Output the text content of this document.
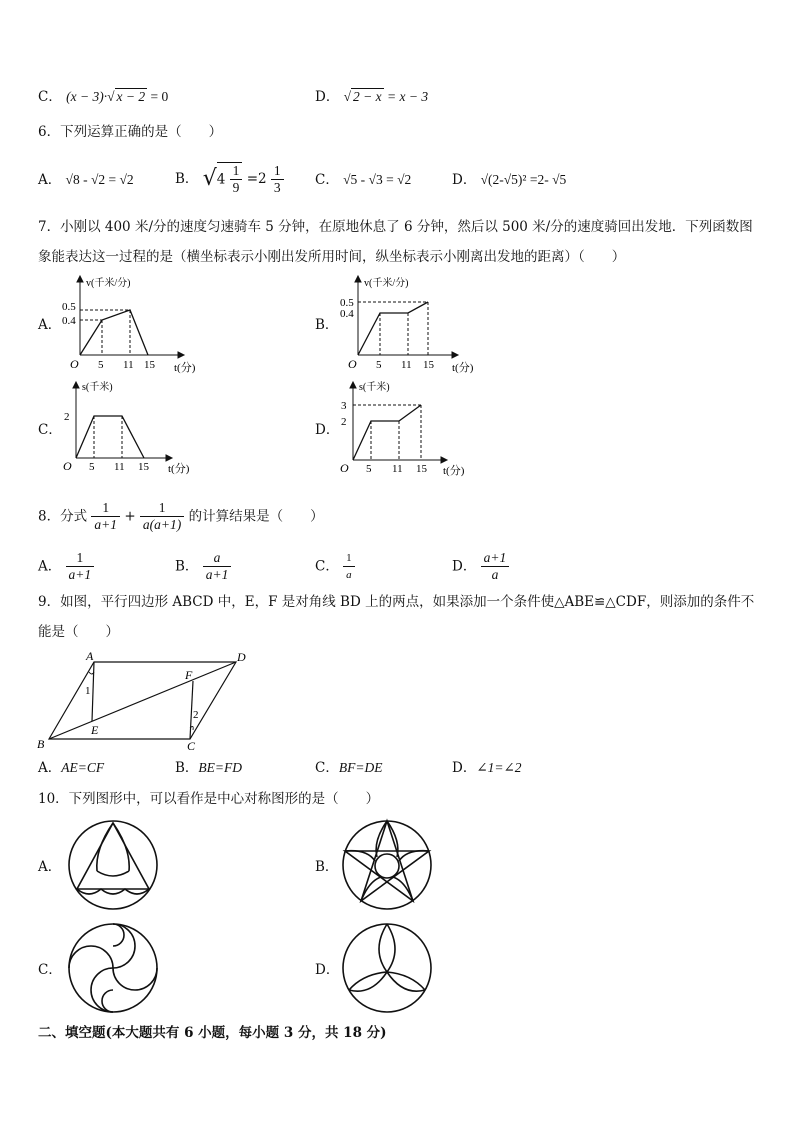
C． (x − 3)·√ x − 2 = 0	D． √ 2 − x = x − 3
6．下列运算正确的是（　　）
A． √8 - √2 = √2	B． $√4 \frac{1}{9} =2 \frac{1}{3}$ C． √5 - √3 = √2	D． √(2-√5)² =2- √5
7．小刚以 400 米/分的速度匀速骑车 5 分钟，在原地休息了 6 分钟，然后以 500 米/分的速度骑回出发地．下列函数图
象能表达这一过程的是（横坐标表示小刚出发所用时间，纵坐标表示小刚离出发地的距离）（　　）
A．	B．
C．	D．
v(千米/分)
0.5
0.4
O 5 11 15 t(分)
v(千米/分)
0.5
0.4
O 5 11 15 t(分)
s(千米)
2
O 5 11 15 t(分)
s(千米)
3
2
O 5 11 15 t(分)
8．分式 $\frac{1}{a+1} + \frac{1}{a(a+1)}$ 的计算结果是（　　）
A． $\frac{1}{a+1}$	B． $\frac{a}{a+1}$	C． $\frac{1}{a}$	D． $\frac{a+1}{a}$
9．如图，平行四边形 ABCD 中，E，F 是对角线 BD 上的两点，如果添加一个条件使△ABE≌△CDF，则添加的条件不
能是（　　）
A
B	C
D
E
F
1
2
A．AE=CF	B．BE=FD	C．BF=DE	D．∠1=∠2
10．下列图形中，可以看作是中心对称图形的是（　　）
A．	B．
C．	D．
二、填空题(本大题共有 6 小题，每小题 3 分，共 18 分)
